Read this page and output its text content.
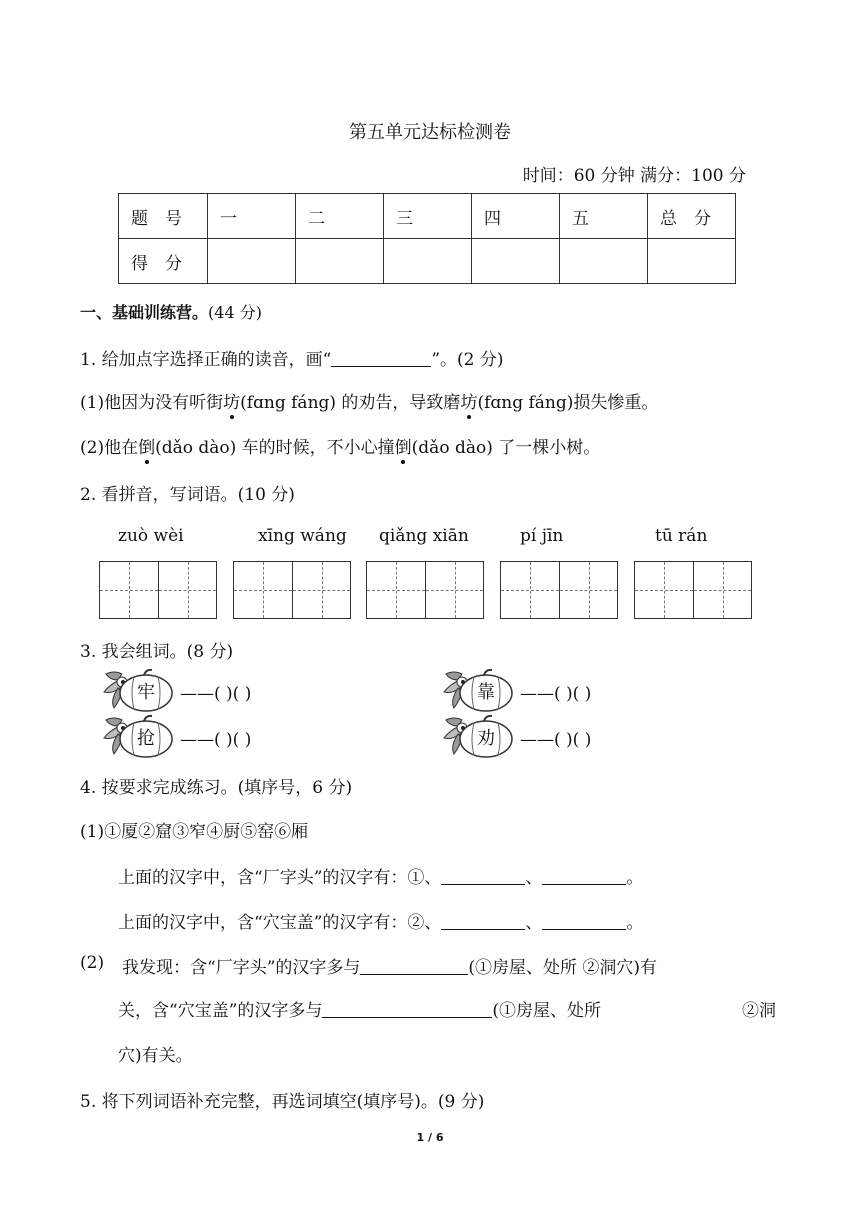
第五单元达标检测卷
时间：60 分钟 满分：100 分
题　号	一	二	三	四	五	总　分
得　分						
一、基础训练营。(44 分)
1. 给加点字选择正确的读音，画“	”。(2 分)
(1)他因为没有听街坊(fɑng fáng) 的劝告，导致磨坊(fɑng fáng)损失惨重。
(2)他在倒(dǎo dào) 车的时候，不小心撞倒(dǎo dào) 了一棵小树。
2. 看拼音，写词语。(10 分)
zuò wèi	xīng wáng qiǎng xiān	pí jīn	tū rán
3. 我会组词。(8 分)
牢	——( )( )	靠	——( )( )
抢	——( )( )	劝	——( )( )
4. 按要求完成练习。(填序号，6 分)
(1)①厦②窟③窄④厨⑤窑⑥厢
上面的汉字中，含“厂字头”的汉字有：①、	、	。
上面的汉字中，含“穴宝盖”的汉字有：②、	、	。
(2) 我发现：含“厂字头”的汉字多与	(①房屋、处所 ②洞穴)有
关，含“穴宝盖”的汉字多与	(①房屋、处所	②洞
穴)有关。
5. 将下列词语补充完整，再选词填空(填序号)。(9 分)
1 / 6
